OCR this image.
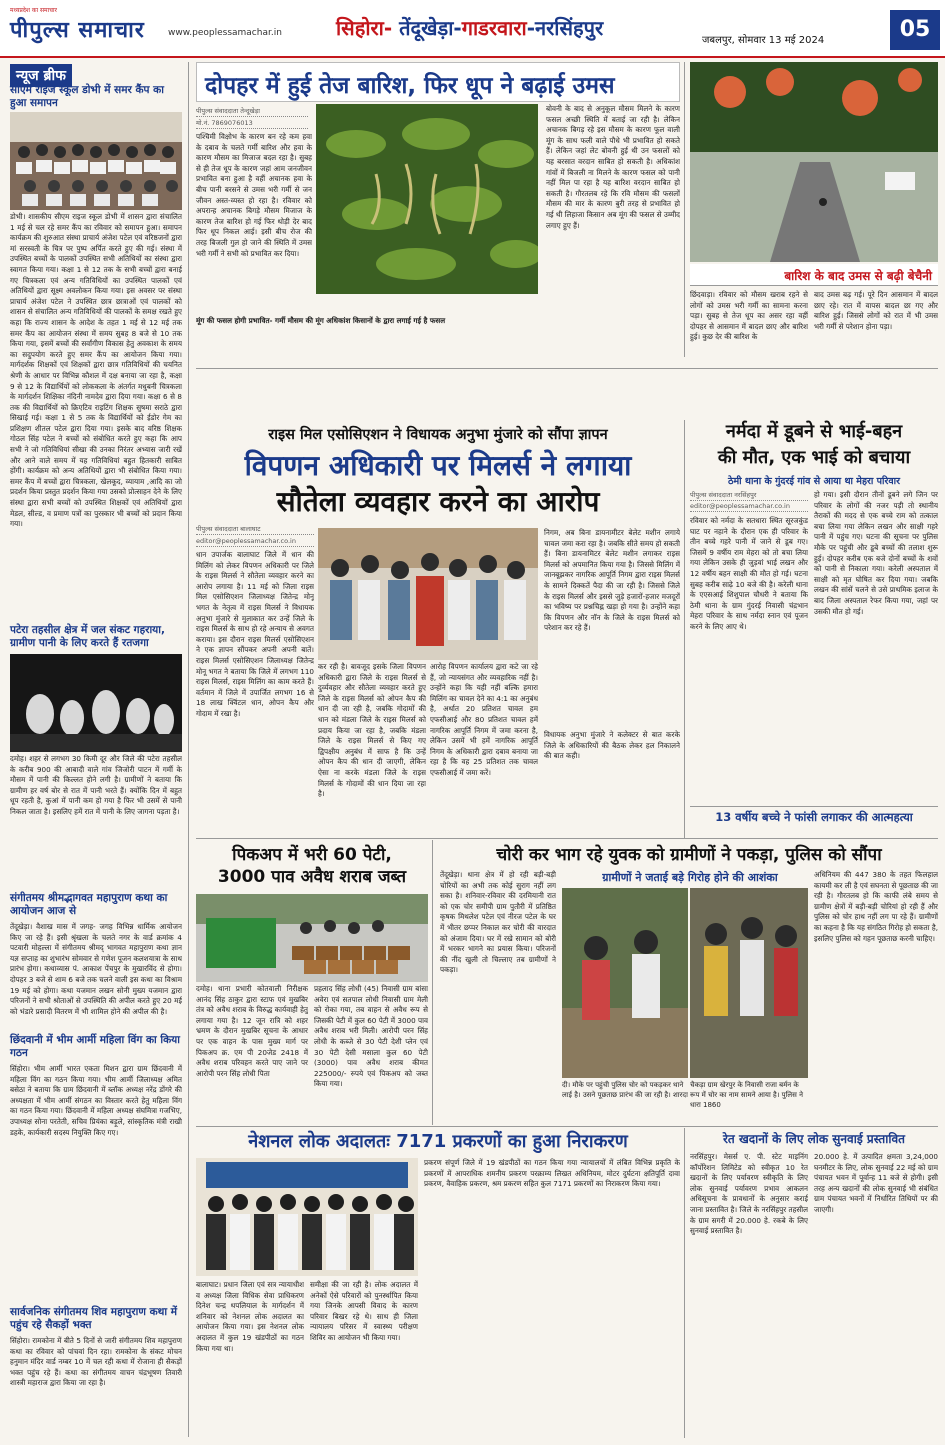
मध्यप्रदेश का समाचार
पीपुल्स समाचार	www.peoplessamachar.in	सिहोरा- तेंदूखेड़ा-गाडरवारा-नरसिंहपुर
जबलपुर, सोमवार 13 मई 2024	05
न्यूज ब्रीफ
सीएम राइज स्कूल डोभी में समर कैंप का हुआ समापन
डोभी। शासकीय सीएम राइज स्कूल डोभी में शासन द्वारा संचालित 1 मई से चल रहे समर कैंप का रविवार को समापन हुआ। समापन कार्यक्रम की शुरुआत संस्था प्राचार्य अंजेश पटेल एवं वरिष्ठजनों द्वारा मां सरस्वती के चित्र पर पुष्प अर्पित करते हुए की गई। संस्था में उपस्थित बच्चों के पालकों उपस्थित सभी अतिथियों का संस्था द्वारा स्वागत किया गया। कक्षा 1 से 12 तक के सभी बच्चों द्वारा बनाई गए चित्रकला एवं अन्य गतिविधियों का उपस्थित पालकों एवं अतिथियों द्वारा सूक्ष्म अवलोकन किया गया। इस अवसर पर संस्था प्राचार्य अंजेश पटेल ने उपस्थित छात्र छात्राओं एवं पालकों को शासन से संचालित अन्य गतिविधियों की पालकों के समक्ष रखते हुए कहा कि राज्य शासन के आदेश के तहत 1 मई से 12 मई तक समर कैंप का आयोजन संस्था में समय सुबह 8 बजे से 10 तक किया गया, इसमें बच्चों की सर्वांगीण विकास हेतु अवकाश के समय का सदुपयोग करते हुए समर कैंप का आयोजन किया गया। मार्गदर्शक शिक्षकों एवं शिक्षकों द्वारा छात्र गतिविधियों की चयनित श्रेणी के आधार पर विभिन्न कौशल में दक्ष बनाया जा रहा है, कक्षा 9 से 12 के विद्यार्थियों को लोककला के अंतर्गत मधुबनी चित्रकला के मार्गदर्शन शिक्षिका नंदिनी नामदेव द्वारा दिया गया। कक्षा 6 से 8 तक की विद्यार्थियों को क्रिएटिव राइटिंग शिक्षक सुषमा सराठे द्वारा सिखाई गई। कक्षा 1 से 5 तक के विद्यार्थियों को ईडोर गेम का प्रशिक्षण शीतल पटेल द्वारा दिया गया। इसके बाद वरिष्ठ शिक्षक गोठल सिंह पटेल ने बच्चों को संबोधित करते हुए कहा कि आप सभी ने जो गतिविधियां सीखा की उनका निरंतर अभ्यास जारी रखें और आने वाले समय में यह गतिविधियां बहुत हितकारी साबित होंगी। कार्यक्रम को अन्य अतिथियों द्वारा भी संबोधित किया गया। समर कैंप में बच्चों द्वारा चित्रकला, खेलकूद, व्यायाम ,आदि का जो प्रदर्शन किया प्रस्तुत प्रदर्शन किया गया उसको प्रोत्साहन देने के लिए संस्था द्वारा सभी बच्चों को उपस्थित शिक्षकों एवं अतिथियों द्वारा मेडल, सील्ड, व प्रमाण पत्रों का पुरस्कार भी बच्चों को प्रदान किया गया।
पटेरा तहसील क्षेत्र में जल संकट गहराया, ग्रामीण पानी के लिए करते हैं रतजगा
दमोह। शहर से लगभग 30 किमी दूर और जिले की पटेरा तहसील के करीब 900 की आबादी वाले गांव जिजोरी पाटन में गर्मी के मौसम में पानी की किल्लत होने लगी है। ग्रामीणों ने बताया कि ग्रामीण हर वर्ष बोर से रात में पानी भरते हैं। क्योंकि दिन में बहुत धूप रहती है, कुआं में पानी कम हो गया है फिर भी उसमें से पानी निकल जाता है। इसलिए हमें रात में पानी के लिए जागना पड़ता है।
संगीतमय श्रीमद्भागवत महापुराण कथा का आयोजन आज से
तेंदूखेड़ा। वैशाख मास में जगह- जगह विभिन्न धार्मिक आयोजन किए जा रहे हैं। इसी श्रृंखला के चलते नगर के वार्ड क्रमांक 4 पटवारी मोहल्ला में संगीतमय श्रीमद् भागवत महापुराण कथा ज्ञान यज्ञ सप्ताह का शुभारंभ सोमवार से गणेश पूजन कलशयात्रा के साथ प्रारंभ होगा। कथाव्यास पं. आकाश पेंचपुर के मुखारविंद से होगा। दोपहर 3 बजे से शाम 6 बजे तक चलने वाली इस कथा का विश्राम 19 मई को होगा। कथा यजमान लखन सोनी मुख्य यजमान द्वारा परिजनों ने सभी श्रोताओं से उपस्थिति की अपील करते हुए 20 मई को भंडारे प्रसादी वितरण में भी शामिल होने की अपील की है।
छिंदवानी में भीम आर्मी महिला विंग का किया गठन
सिंहोरा। भीम आर्मी भारत एकता मिशन द्वारा ग्राम छिंदवानी में महिला विंग का गठन किया गया। भीम आर्मी जिलाध्यक्ष अमित बसेठा ने बताया कि ग्राम छिंदवानी में ब्लॉक अध्यक्ष नरेंद्र डोंगरे की अध्यक्षता में भीम आर्मी संगठन का विस्तार करते हेतु महिला विंग का गठन किया गया। छिंदवानी में महिला अध्यक्ष संघमित्रा गजभिए, उपाध्यक्ष सोना परतेती, सचिव प्रियंका बड़ूले, सांस्कृतिक मंत्री राखी डहके, कार्यकारी सदस्य नियुक्ति किए गए।
सार्वजनिक संगीतमय शिव महापुराण कथा में पहुंच रहे सैकड़ों भक्त
सिंहोरा। रामकोना में बीते 5 दिनों से जारी संगीतमय शिव महापुराण कथा का रविवार को पांचवां दिन रहा। रामकोना के संकट मोचन हनुमान मंदिर वार्ड नम्बर 10 में चल रही कथा में रोजाना ही सैकड़ों भक्त पहुंच रहे हैं। कथा का संगीतमय वाचन चंद्रभूषण तिवारी शास्त्री महाराज द्वारा किया जा रहा है।
दोपहर में हुई तेज बारिश, फिर धूप ने बढ़ाई उमस
पीपुल्स संवाददाता तेन्दूखेड़ा
मो.नं. 7869076013
पश्चिमी विक्षोभ के कारण बन रहे कम हवा के दबाव के चलते गर्मी बारिश और हवा के कारण मौसम का मिजाज बदल रहा है। सुबह से ही तेज धूप के कारण जहां आम जनजीवन प्रभावित बना हुआ है वहीं अचानक हवा के बीच पानी बरसने से उमस भरी गर्मी से जन जीवन अस्त-व्यस्त हो रहा है। रविवार को अपरान्ह अचानक बिगड़े मौसम मिजाज के कारण तेज बारिश हो गई फिर थोड़ी देर बाद फिर धूप निकल आई। इसी बीच रोज की तरह बिजली गुल हो जाने की स्थिति में उमस भरी गर्मी ने सभी को प्रभावित कर दिया।
मूंग की फसल होगी प्रभावित- गर्मी मौसम की मूंग अधिकांश किसानों के द्वारा लगाई गई है फसल
बोवनी के बाद से अनुकूल मौसम मिलने के कारण फसल अच्छी स्थिति में बताई जा रही है। लेकिन अचानक बिगड़ रहे इस मौसम के कारण फूल वाली मूंग के साथ फली वाले पौधे भी प्रभावित हो सकते हैं। लेकिन जहां लेट बोवनी हुई थी उन फसलों को यह बरसात वरदान साबित हो सकती है। अधिकांश गांवों में बिजली ना मिलने के कारण फसल को पानी नहीं मिल पा रहा है यह बारिश वरदान साबित हो सकती है। गौरतलब रहे कि रवि मौसम की फसलों मौसम की मार के कारण बुरी तरह से प्रभावित हो गई थी लिहाजा किसान अब मूंग की फसल से उम्मीद लगाए हुए हैं।
बारिश के बाद उमस से बढ़ी बेचैनी
छिंदवाड़ा। रविवार को मौसम खराब रहने से लोगों को उमस भरी गर्मी का सामना करना पड़ा। सुबह से तेज धूप का असर रहा वहीं दोपहर से आसमान में बादल छाए और बारिश हुई। कुछ देर की बारिश के
बाद उमस बढ़ गई। पूरे दिन आसमान में बादल छाए रहे। रात में वापस बादल छा गए और बारिश हुई। जिससे लोगों को रात में भी उमस भरी गर्मी से परेशान होना पड़ा।
राइस मिल एसोसिएशन ने विधायक अनुभा मुंजारे को सौंपा ज्ञापन
विपणन अधिकारी पर मिलर्स ने लगाया
सौतेला व्यवहार करने का आरोप
पीपुल्स संवाददाता बालाघाट
editor@peoplessamachar.co.in
धान उपार्जक बालाघाट जिले में धान की मिलिंग को लेकर विपणन अधिकारी पर जिले के राइस मिलर्स ने सौतेला व्यवहार करने का आरोप लगाया है। 11 मई को जिला राइस मिल एसोसिएशन जिलाध्यक्ष जितेन्द्र मोनू भगत के नेतृत्व में राइस मिलर्स ने विधायक अनुभा मुंजारे से मुलाकात कर उन्हें जिले के राइस मिलर्स के साथ हो रहे अन्याय से अवगत कराया। इस दौरान राइस मिलर्स एसोसिएशन ने एक ज्ञापन सौंपकर अपनी अपनी बातें। राइस मिलर्स एसोसिएशन जिलाध्यक्ष जितेन्द्र मोनू भगत ने बताया कि जिले में लगभग 110 राइस मिलर्स, राइस मिलिंग का काम करते हैं। वर्तमान में जिले में उपार्जित लगभग 16 से 18 लाख क्विंटल धान, ओपन कैप और गोदाम में रखा है।
कर रही है। बावजूद इसके जिला विपणन अधिकारी द्वारा जिले के राइस मिलर्स से दुर्व्यवहार और सौतेला व्यवहार करते हुए जिले के राइस मिलर्स को ओपन कैप की धान दी जा रही है, जबकि गोदामों की धान को मंडला जिले के राइस मिलर्स को प्रदाय किया जा रहा है, जबकि मंडला जिले के राइस मिलर्स से किए गए द्विपक्षीय अनुबंध में साफ है कि उन्हें ओपन कैप की धान दी जाएगी, लेकिन ऐसा ना करके मंडला जिले के राइस मिलर्स के गोदामों की धान दिया जा रहा है।
आरोह विपणन कार्यालय द्वारा कटे जा रहे हैं, जो न्यायसंगत और व्यवहारिक नहीं है। उन्होंने कहा कि यही नहीं बल्कि हमारा मिलिंग का चावल देने का 4:1 का अनुबंध है, अर्थात 20 प्रतिशत चावल हम एफसीआई और 80 प्रतिशत चावल हमें नागरिक आपूर्ति निगम में जमा करना है, लेकिन उसमें भी हमें नागरिक आपूर्ति निगम के अधिकारी द्वारा दबाव बनाया जा रहा है कि वह 25 प्रतिशत तक चावल एफसीआई में जमा करें।
निगम, अब बिना डायनामीटर बेलेट मशीन लगाये चावल जमा करा रहा है। जबकि सीते समय हो सकती हैं। बिना डायनामिटर बेलेट मशीन लगाकर राइस मिलर्स को अपमानित किया गया है। जिससे मिलिंग में जानबूझकर नागरिक आपूर्ति निगम द्वारा राइस मिलर्स के सामने दिक्कतें पैदा की जा रही है। जिससे जिले के राइस मिलर्स और इससे जुड़े हजारों-हजार मजदूरों का भविष्य पर प्रश्नचिह्न खड़ा हो गया है। उन्होंने कहा कि विपणन और नॉन के जिले के राइस मिलर्स को परेशान कर रहे हैं।
विधायक अनुभा मुंजारे ने कलेक्टर से बात करके जिले के अधिकारियों की बैठक लेकर हल निकालने की बात कही।
नर्मदा में डूबने से भाई-बहन
की मौत, एक भाई को बचाया
ठेमी थाना के गुंदरई गांव से आया था मेहरा परिवार
पीपुल्स संवाददाता नरसिंहपुर
editor@peoplessamachar.co.in
रविवार को नर्मदा के सतधारा स्थित सूरजकुंड घाट पर नहाने के दौरान एक ही परिवार के तीन बच्चे गहरे पानी में जाने से डूब गए। जिसमें 9 वर्षीय राम मेहरा को तो बचा लिया गया लेकिन उसके ही जुड़वां भाई लखन और 12 वर्षीय बहन साक्षी की मौत हो गई। घटना सुबह करीब साढ़े 10 बजे की है। करेली थाना के एएसआई शिशुपाल चौधरी ने बताया कि ठेमी थाना के ग्राम गुंदरई निवासी चंद्रभान मेहरा परिवार के साथ नर्मदा स्नान एवं पूजन करने के लिए आए थे।
हो गया। इसी दौरान तीनों डूबने लगे जिन पर परिवार के लोगों की नजर पड़ी तो स्थानीय तैराकों की मदद से एक बच्चे राम को तत्काल बचा लिया गया लेकिन लखन और साक्षी गहरे पानी में पहुंच गए। घटना की सूचना पर पुलिस मौके पर पहुंची और डूबे बच्चों की तलाश शुरू हुई। दोपहर करीब एक बजे दोनों बच्चों के शवों को पानी से निकाला गया। करेली अस्पताल में साक्षी को मृत घोषित कर दिया गया। जबकि लखन की सांसें चलने से उसे प्राथमिक इलाज के बाद जिला अस्पताल रेफर किया गया, जहां पर उसकी मौत हो गई।
13 वर्षीय बच्चे ने फांसी लगाकर की आत्महत्या
पिकअप में भरी 60 पेटी,
3000 पाव अवैध शराब जब्त
दमोह। थाना प्रभारी कोतवाली निरीक्षक आनंद सिंह ठाकुर द्वारा स्टाफ एवं मुखबिर तंत्र को अवैध शराब के विरुद्ध कार्यवाही हेतु लगाया गया है। 12 जून रात्रि को शहर भ्रमण के दौरान मुखबिर सूचना के आधार पर एक वाहन के पास मुख्य मार्ग पर पिकअप क्र. एम पी 20जेड 2418 में अवैध शराब परिवहन करते पाए जाने पर आरोपी परन सिंह लोधी पिता
प्रहलाद सिंह लोधी (45) निवासी ग्राम बांसा अवेरा एवं सतपाल लोधी निवासी ग्राम मेली को रोका गया, तब वाहन से अवैध रूप से जिसकी पेटी में कुल 60 पेटी में 3000 पाव अवैध शराब भरी मिली। आरोपी परन सिंह लोधी के कब्जे से 30 पेटी देशी प्लेन एवं 30 पेटी देसी मसाला कुल 60 पेटी (3000) पाव अवैध शराब कीमत 225000/- रुपये एवं पिकअप को जब्त किया गया।
चोरी कर भाग रहे युवक को ग्रामीणों ने पकड़ा, पुलिस को सौंपा
ग्रामीणों ने जताई बड़े गिरोह होने की आशंका
तेंदूखेड़ा। थाना क्षेत्र में हो रही बड़ी-बड़ी चोरियों का अभी तक कोई सुराग नहीं लग सका है। शनिवार-रविवार की दरमियानी रात को एक चोर समीपी ग्राम पुतौरी में प्रतिष्ठित कृषक मिथलेश पटेल एवं नीरज पटेल के घर में भीतर छप्पर निकाल कर चोरी की वारदात को अंजाम दिया। घर में रखे सामान को बोरी में भरकर भागने का प्रयास किया। परिजनों की नींद खुली तो चिल्लाए तब ग्रामीणों ने पकड़ा।
दी। मौके पर पहुंची पुलिस चोर को पकड़कर थाने लाई है। उसने पूछताछ प्रारंभ की जा रही है। शारदा
चैकड़ा ग्राम खेरपुर के निवासी राजा बर्मन के रूप में चोर का नाम सामने आया है। पुलिस ने धारा 1860
अधिनियम की 447 380 के तहत फिलहाल कायमी कर ली है एवं सघनता से पूछताछ की जा रही है। गौरतलब हो कि काफी लंबे समय से ग्रामीण क्षेत्रों में बड़ी-बड़ी चोरियां हो रही हैं और पुलिस को चोर हाथ नहीं लग पा रहे हैं। ग्रामीणों का कहना है कि यह संगठित गिरोह हो सकता है, इसलिए पुलिस को गहन पूछताछ करनी चाहिए।
नेशनल लोक अदालतः 7171 प्रकरणों का हुआ निराकरण
बालाघाट। प्रधान जिला एवं सत्र न्यायाधीश व अध्यक्ष जिला विधिक सेवा प्राधिकरण दिनेश चन्द्र थपलियाल के मार्गदर्शन में शनिवार को नेशनल लोक अदालत का आयोजन किया गया। इस नेशनल लोक अदालत में कुल 19 खंडपीठों का गठन किया गया था।
समीक्षा की जा रही है। लोक अदालत में अनेकों ऐसे परिवारों को पुनर्स्थापित किया गया जिनके आपसी विवाद के कारण परिवार बिखर रहे थे। साथ ही जिला न्यायालय परिसर में स्वास्थ्य परीक्षण शिविर का आयोजन भी किया गया।
प्रकरण संपूर्ण जिले में 19 खंडपीठों का गठन किया गया न्यायालयों में लंबित विभिन्न प्रकृति के प्रकरणों में आपराधिक शमनीय प्रकरण परक्राम्य लिखत अधिनियम, मोटर दुर्घटना क्षतिपूर्ति दावा प्रकरण, वैवाहिक प्रकरण, श्रम प्रकरण सहित कुल 7171 प्रकरणों का निराकरण किया गया।
रेत खदानों के लिए लोक सुनवाई प्रस्तावित
नरसिंहपुर। मेसर्स ए. पी. स्टेट माइनिंग कॉर्पोरेशन लिमिटेड को स्वीकृत 10 रेत खदानों के लिए पर्यावरण स्वीकृति के लिए लोक सुनवाई पर्यावरण प्रभाव आकलन अधिसूचना के प्रावधानों के अनुसार कराई जाना प्रस्तावित है। जिले के नरसिंहपुर तहसील के ग्राम सगरी में 20.000 हे. रकबे के लिए सुनवाई प्रस्तावित है।
20.000 हे. में उत्पादित क्षमता 3,24,000 घनमीटर के लिए, लोक सुनवाई 22 मई को ग्राम पंचायत भवन में पूर्वान्ह 11 बजे से होगी। इसी तरह अन्य खदानों की लोक सुनवाई भी संबंधित ग्राम पंचायत भवनों में निर्धारित तिथियों पर की जाएगी।
